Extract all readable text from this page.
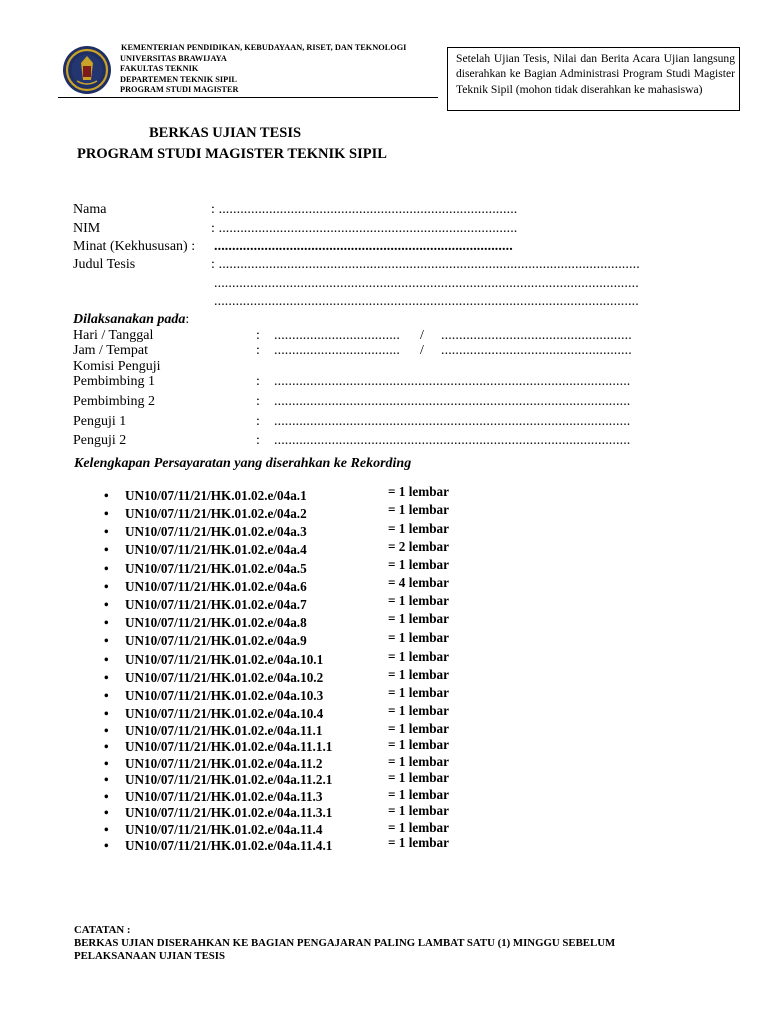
KEMENTERIAN PENDIDIKAN, KEBUDAYAAN, RISET, DAN TEKNOLOGI
UNIVERSITAS BRAWIJAYA
FAKULTAS TEKNIK
DEPARTEMEN TEKNIK SIPIL
PROGRAM STUDI MAGISTER
Setelah Ujian Tesis, Nilai dan Berita Acara Ujian langsung diserahkan ke Bagian Administrasi Program Studi Magister Teknik Sipil (mohon tidak diserahkan ke mahasiswa)
BERKAS UJIAN TESIS
PROGRAM STUDI MAGISTER TEKNIK SIPIL
Nama	: ...................................................................................
NIM	: ...................................................................................
Minat (Kekhususan) : ...................................................................................
Judul Tesis	: .....................................................................................................................
......................................................................................................................
......................................................................................................................
Dilaksanakan pada:
Hari / Tanggal	: ................................... / .....................................................
Jam / Tempat	: ................................... / .....................................................
Komisi Penguji
Pembimbing 1	: ...................................................................................................
Pembimbing 2	: ...................................................................................................
Penguji 1	: ...................................................................................................
Penguji 2	: ...................................................................................................
Kelengkapan Persayaratan yang diserahkan ke Rekording
• UN10/07/11/21/HK.01.02.e/04a.1	= 1 lembar
• UN10/07/11/21/HK.01.02.e/04a.2	= 1 lembar
• UN10/07/11/21/HK.01.02.e/04a.3	= 1 lembar
• UN10/07/11/21/HK.01.02.e/04a.4	= 2 lembar
• UN10/07/11/21/HK.01.02.e/04a.5	= 1 lembar
• UN10/07/11/21/HK.01.02.e/04a.6	= 4 lembar
• UN10/07/11/21/HK.01.02.e/04a.7	= 1 lembar
• UN10/07/11/21/HK.01.02.e/04a.8	= 1 lembar
• UN10/07/11/21/HK.01.02.e/04a.9	= 1 lembar
• UN10/07/11/21/HK.01.02.e/04a.10.1	= 1 lembar
• UN10/07/11/21/HK.01.02.e/04a.10.2	= 1 lembar
• UN10/07/11/21/HK.01.02.e/04a.10.3	= 1 lembar
• UN10/07/11/21/HK.01.02.e/04a.10.4	= 1 lembar
• UN10/07/11/21/HK.01.02.e/04a.11.1	= 1 lembar
• UN10/07/11/21/HK.01.02.e/04a.11.1.1	= 1 lembar
• UN10/07/11/21/HK.01.02.e/04a.11.2	= 1 lembar
• UN10/07/11/21/HK.01.02.e/04a.11.2.1	= 1 lembar
• UN10/07/11/21/HK.01.02.e/04a.11.3	= 1 lembar
• UN10/07/11/21/HK.01.02.e/04a.11.3.1	= 1 lembar
• UN10/07/11/21/HK.01.02.e/04a.11.4	= 1 lembar
• UN10/07/11/21/HK.01.02.e/04a.11.4.1	= 1 lembar
CATATAN :
BERKAS UJIAN DISERAHKAN KE BAGIAN PENGAJARAN PALING LAMBAT SATU (1) MINGGU SEBELUM
PELAKSANAAN UJIAN TESIS
